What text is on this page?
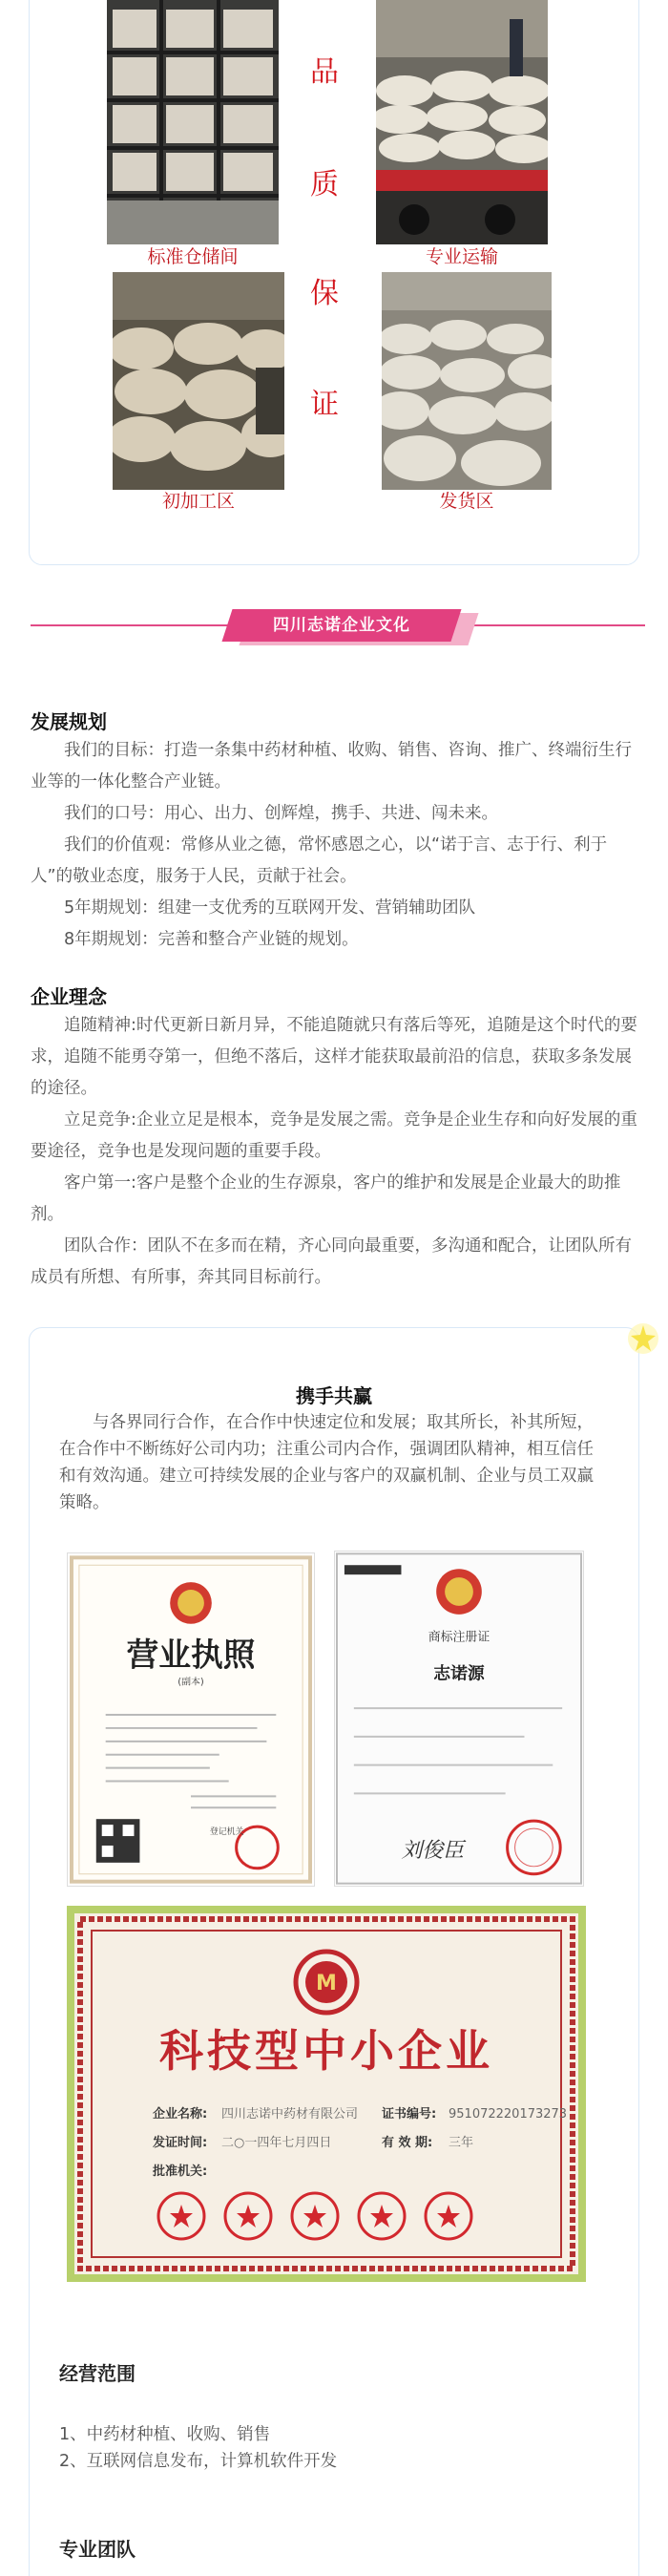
标准仓储间	专业运输
初加工区	发货区
品
质
保
证
四川志诺企业文化
发展规划

我们的目标：打造一条集中药材种植、收购、销售、咨询、推广、终端衍生行业等的一体化整合产业链。

我们的口号：用心、出力、创辉煌，携手、共进、闯未来。

我们的价值观：常修从业之德，常怀感恩之心，以“诺于言、志于行、利于人”的敬业态度，服务于人民，贡献于社会。

5年期规划：组建一支优秀的互联网开发、营销辅助团队

8年期规划：完善和整合产业链的规划。

企业理念

追随精神:时代更新日新月异，不能追随就只有落后等死，追随是这个时代的要求，追随不能勇夺第一，但绝不落后，这样才能获取最前沿的信息，获取多条发展的途径。

立足竞争:企业立足是根本，竞争是发展之需。竞争是企业生存和向好发展的重要途径，竞争也是发现问题的重要手段。

客户第一:客户是整个企业的生存源泉，客户的维护和发展是企业最大的助推剂。

团队合作：团队不在多而在精，齐心同向最重要，多沟通和配合，让团队所有成员有所想、有所事，奔其同目标前行。

携手共赢

与各界同行合作，在合作中快速定位和发展；取其所长，补其所短，在合作中不断练好公司内功；注重公司内合作，强调团队精神，相互信任和有效沟通。建立可持续发展的企业与客户的双赢机制、企业与员工双赢策略。

营业执照
(副本)
登记机关
商标注册证
志诺源
刘俊臣
M
科技型中小企业
企业名称: 四川志诺中药材有限公司 证书编号: 951072220173273
发证时间: 二○一四年七月四日	有 效 期: 三年
批准机关:
经营范围
1、中药材种植、收购、销售
2、互联网信息发布，计算机软件开发
专业团队
